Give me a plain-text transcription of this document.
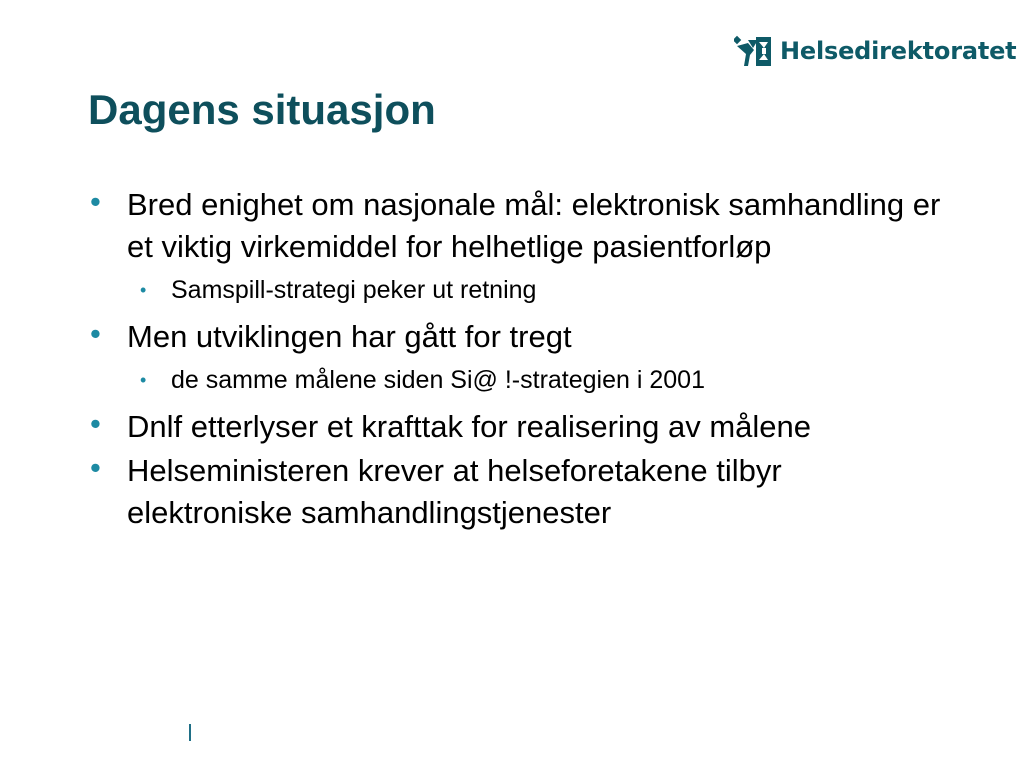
Helsedirektoratet
Dagens situasjon
• Bred enighet om nasjonale mål: elektronisk samhandling er et viktig virkemiddel for helhetlige pasientforløp
• Samspill-strategi peker ut retning
• Men utviklingen har gått for tregt
• de samme målene siden Si@ !-strategien i 2001
• Dnlf etterlyser et krafttak for realisering av målene
• Helseministeren krever at helseforetakene tilbyr elektroniske samhandlingstjenester
